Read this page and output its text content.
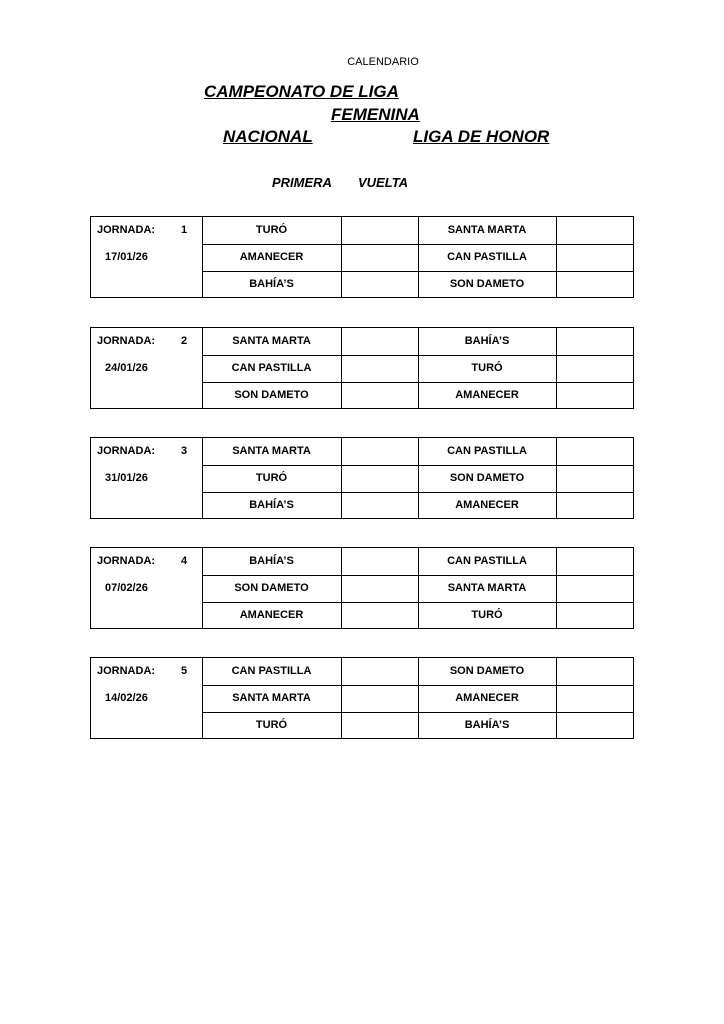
CALENDARIO
CAMPEONATO DE LIGA
FEMENINA
NACIONAL	LIGA DE HONOR
PRIMERA VUELTA
JORNADA: 1
17/01/26
TURÓ	SANTA MARTA
AMANECER	CAN PASTILLA
BAHÍA’S	SON DAMETO
JORNADA: 2
24/01/26
SANTA MARTA	BAHÍA’S
CAN PASTILLA	TURÓ
SON DAMETO	AMANECER
JORNADA: 3
31/01/26
SANTA MARTA	CAN PASTILLA
TURÓ	SON DAMETO
BAHÍA’S	AMANECER
JORNADA: 4
07/02/26
BAHÍA’S	CAN PASTILLA
SON DAMETO	SANTA MARTA
AMANECER	TURÓ
JORNADA: 5
14/02/26
CAN PASTILLA	SON DAMETO
SANTA MARTA	AMANECER
TURÓ	BAHÍA’S
